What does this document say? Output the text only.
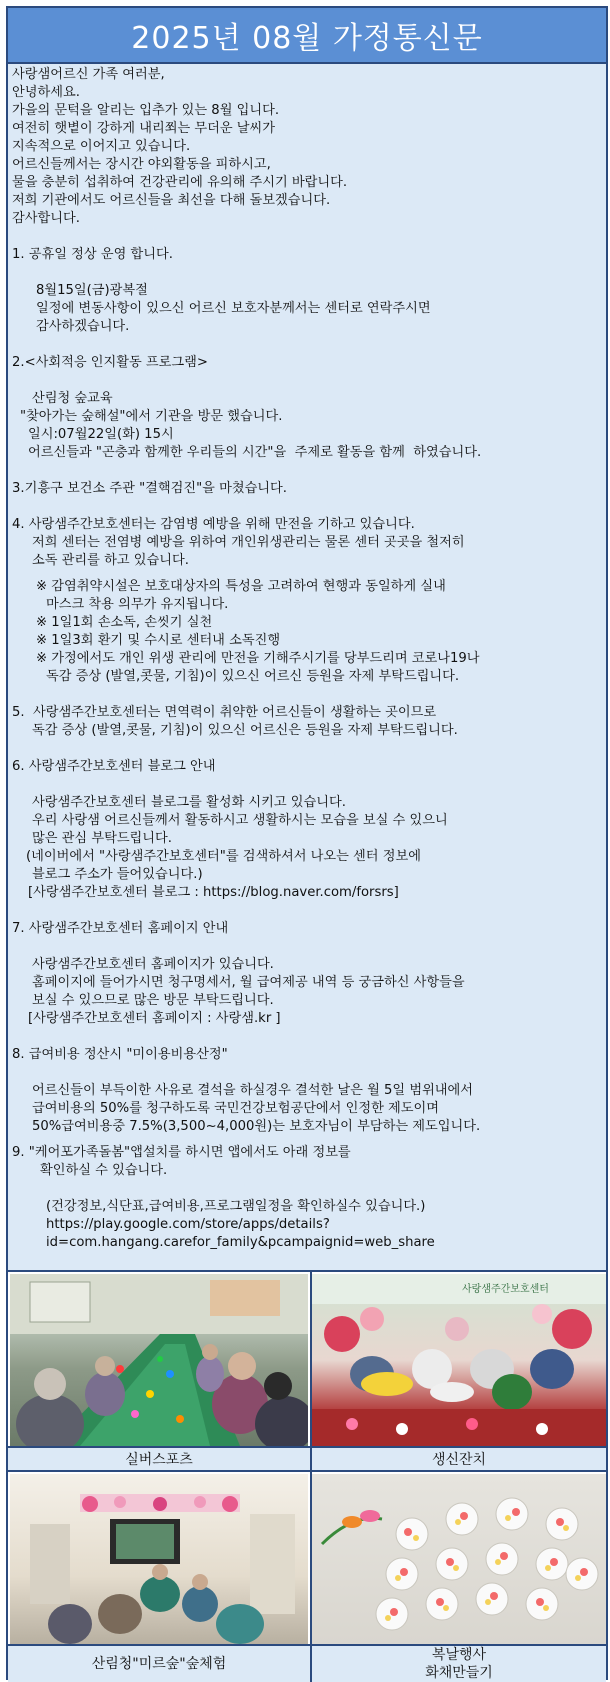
2025년 08월 가정통신문
사랑샘어르신 가족 여러분,
안녕하세요.
가을의 문턱을 알리는 입추가 있는 8월 입니다.
여전히 햇볕이 강하게 내리쬐는 무더운 날씨가
지속적으로 이어지고 있습니다.
어르신들께서는 장시간 야외활동을 피하시고,
물을 충분히 섭취하여 건강관리에 유의해 주시기 바랍니다.
저희 기관에서도 어르신들을 최선을 다해 돌보겠습니다.
감사합니다.
1. 공휴일 정상 운영 합니다.
8월15일(금)광복절
일정에 변동사항이 있으신 어르신 보호자분께서는 센터로 연락주시면
감사하겠습니다.
2.<사회적응 인지활동 프로그램>
산림청 숲교육
"찾아가는 숲해설"에서 기관을 방문 했습니다.
일시:07월22일(화) 15시
어르신들과 "곤충과 함께한 우리들의 시간"을  주제로 활동을 함께  하였습니다.
3.기흥구 보건소 주관 "결핵검진"을 마쳤습니다.
4. 사랑샘주간보호센터는 감염병 예방을 위해 만전을 기하고 있습니다.
저희 센터는 전염병 예방을 위하여 개인위생관리는 물론 센터 곳곳을 철저히
소독 관리를 하고 있습니다.
※ 감염취약시설은 보호대상자의 특성을 고려하여 현행과 동일하게 실내
마스크 착용 의무가 유지됩니다.
※ 1일1회 손소독, 손씻기 실천
※ 1일3회 환기 및 수시로 센터내 소독진행
※ 가정에서도 개인 위생 관리에 만전을 기해주시기를 당부드리며 코로나19나
독감 증상 (발열,콧물, 기침)이 있으신 어르신 등원을 자제 부탁드립니다.
5.  사랑샘주간보호센터는 면역력이 취약한 어르신들이 생활하는 곳이므로
독감 증상 (발열,콧물, 기침)이 있으신 어르신은 등원을 자제 부탁드립니다.
6. 사랑샘주간보호센터 블로그 안내
사랑샘주간보호센터 블로그를 활성화 시키고 있습니다.
우리 사랑샘 어르신들께서 활동하시고 생활하시는 모습을 보실 수 있으니
많은 관심 부탁드립니다.
(네이버에서 "사랑샘주간보호센터"를 검색하셔서 나오는 센터 정보에
블로그 주소가 들어있습니다.)
[사랑샘주간보호센터 블로그 : https://blog.naver.com/forsrs]
7. 사랑샘주간보호센터 홈페이지 안내
사랑샘주간보호센터 홈페이지가 있습니다.
홈페이지에 들어가시면 청구명세서, 월 급여제공 내역 등 궁금하신 사항들을
보실 수 있으므로 많은 방문 부탁드립니다.
[사랑샘주간보호센터 홈페이지 : 사랑샘.kr ]
8. 급여비용 정산시 "미이용비용산정"
어르신들이 부득이한 사유로 결석을 하실경우 결석한 날은 월 5일 범위내에서
급여비용의 50%를 청구하도록 국민건강보험공단에서 인정한 제도이며
50%급여비용중 7.5%(3,500~4,000원)는 보호자님이 부담하는 제도입니다.
9. "케어포가족돌봄"앱설치를 하시면 앱에서도 아래 정보를
확인하실 수 있습니다.
(건강정보,식단표,급여비용,프로그램일정을 확인하실수 있습니다.)
https://play.google.com/store/apps/details?
id=com.hangang.carefor_family&pcampaignid=web_share
사랑샘주간보호센터
실버스포츠	생신잔치
산림청"미르숲"숲체험
복날행사
화채만들기
